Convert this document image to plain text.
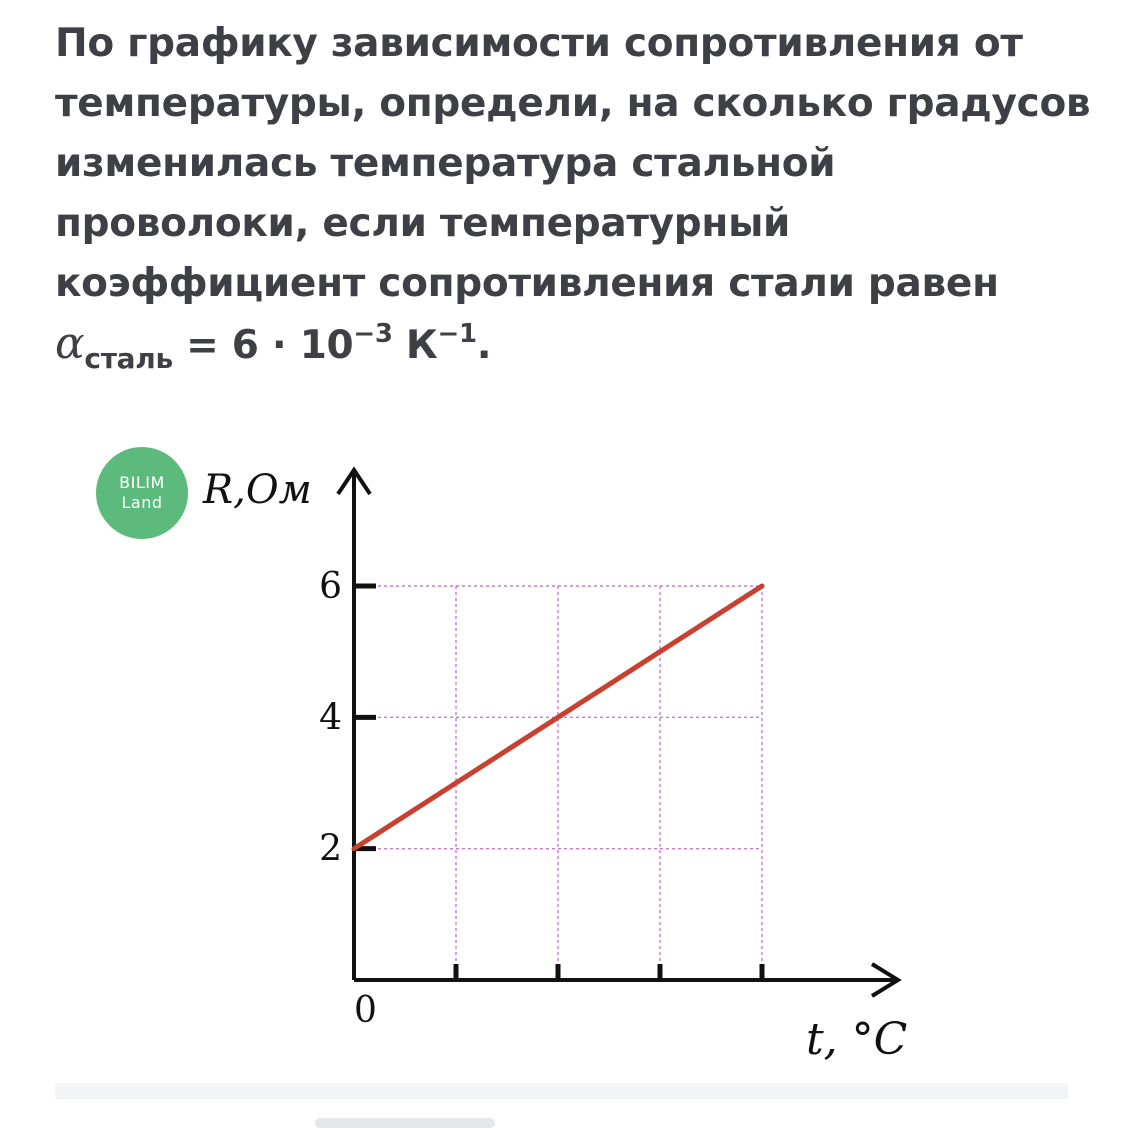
По графику зависимости сопротивления от
температуры, определи, на сколько градусов
изменилась температура стальной
проволоки, если температурный
коэффициент сопротивления стали равен
$\alpha_{сталь} = 6 \cdot 10^{-3}$ $К^{-1}$.
BILIM
Land
2
4
6
R,Ом
t, °C
0
